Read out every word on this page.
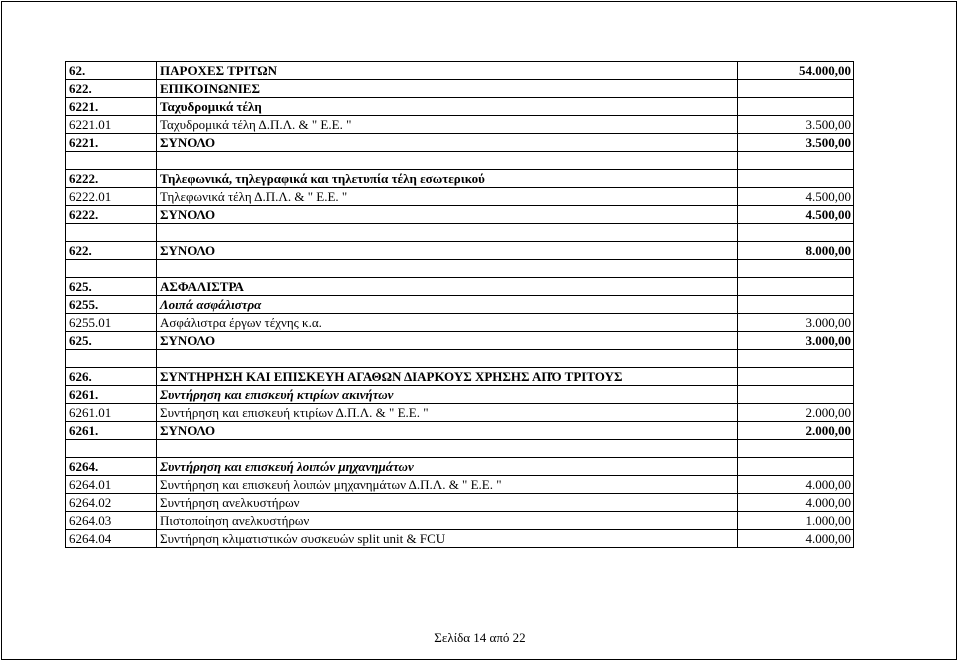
62.	ΠΑΡΟΧΕΣ ΤΡΙΤΩΝ	54.000,00
622.	ΕΠΙΚΟΙΝΩΝΙΕΣ	
6221.	Ταχυδρομικά τέλη	
6221.01	Ταχυδρομικά τέλη Δ.Π.Λ. & " Ε.Ε. "	3.500,00
6221.	ΣΥΝΟΛΟ	3.500,00

6222.	Τηλεφωνικά, τηλεγραφικά και τηλετυπία τέλη εσωτερικού	
6222.01	Τηλεφωνικά τέλη Δ.Π.Λ. & " Ε.Ε. "	4.500,00
6222.	ΣΥΝΟΛΟ	4.500,00

622.	ΣΥΝΟΛΟ	8.000,00

625.	ΑΣΦΑΛΙΣΤΡΑ	
6255.	Λοιπά ασφάλιστρα	
6255.01	Ασφάλιστρα έργων τέχνης κ.α.	3.000,00
625.	ΣΥΝΟΛΟ	3.000,00

626.	ΣΥΝΤΗΡΗΣΗ ΚΑΙ ΕΠΙΣΚΕΥΗ ΑΓΑΘΩΝ ΔΙΑΡΚΟΥΣ ΧΡΗΣΗΣ ΑΠΌ ΤΡΙΤΟΥΣ	
6261.	Συντήρηση και επισκευή κτιρίων ακινήτων	
6261.01	Συντήρηση και επισκευή κτιρίων Δ.Π.Λ. & " Ε.Ε. "	2.000,00
6261.	ΣΥΝΟΛΟ	2.000,00

6264.	Συντήρηση και επισκευή λοιπών μηχανημάτων	
6264.01	Συντήρηση και επισκευή λοιπών μηχανημάτων Δ.Π.Λ. & " Ε.Ε. "	4.000,00
6264.02	Συντήρηση ανελκυστήρων	4.000,00
6264.03	Πιστοποίηση ανελκυστήρων	1.000,00
6264.04	Συντήρηση κλιματιστικών συσκευών split unit & FCU	4.000,00
Σελίδα 14 από 22
